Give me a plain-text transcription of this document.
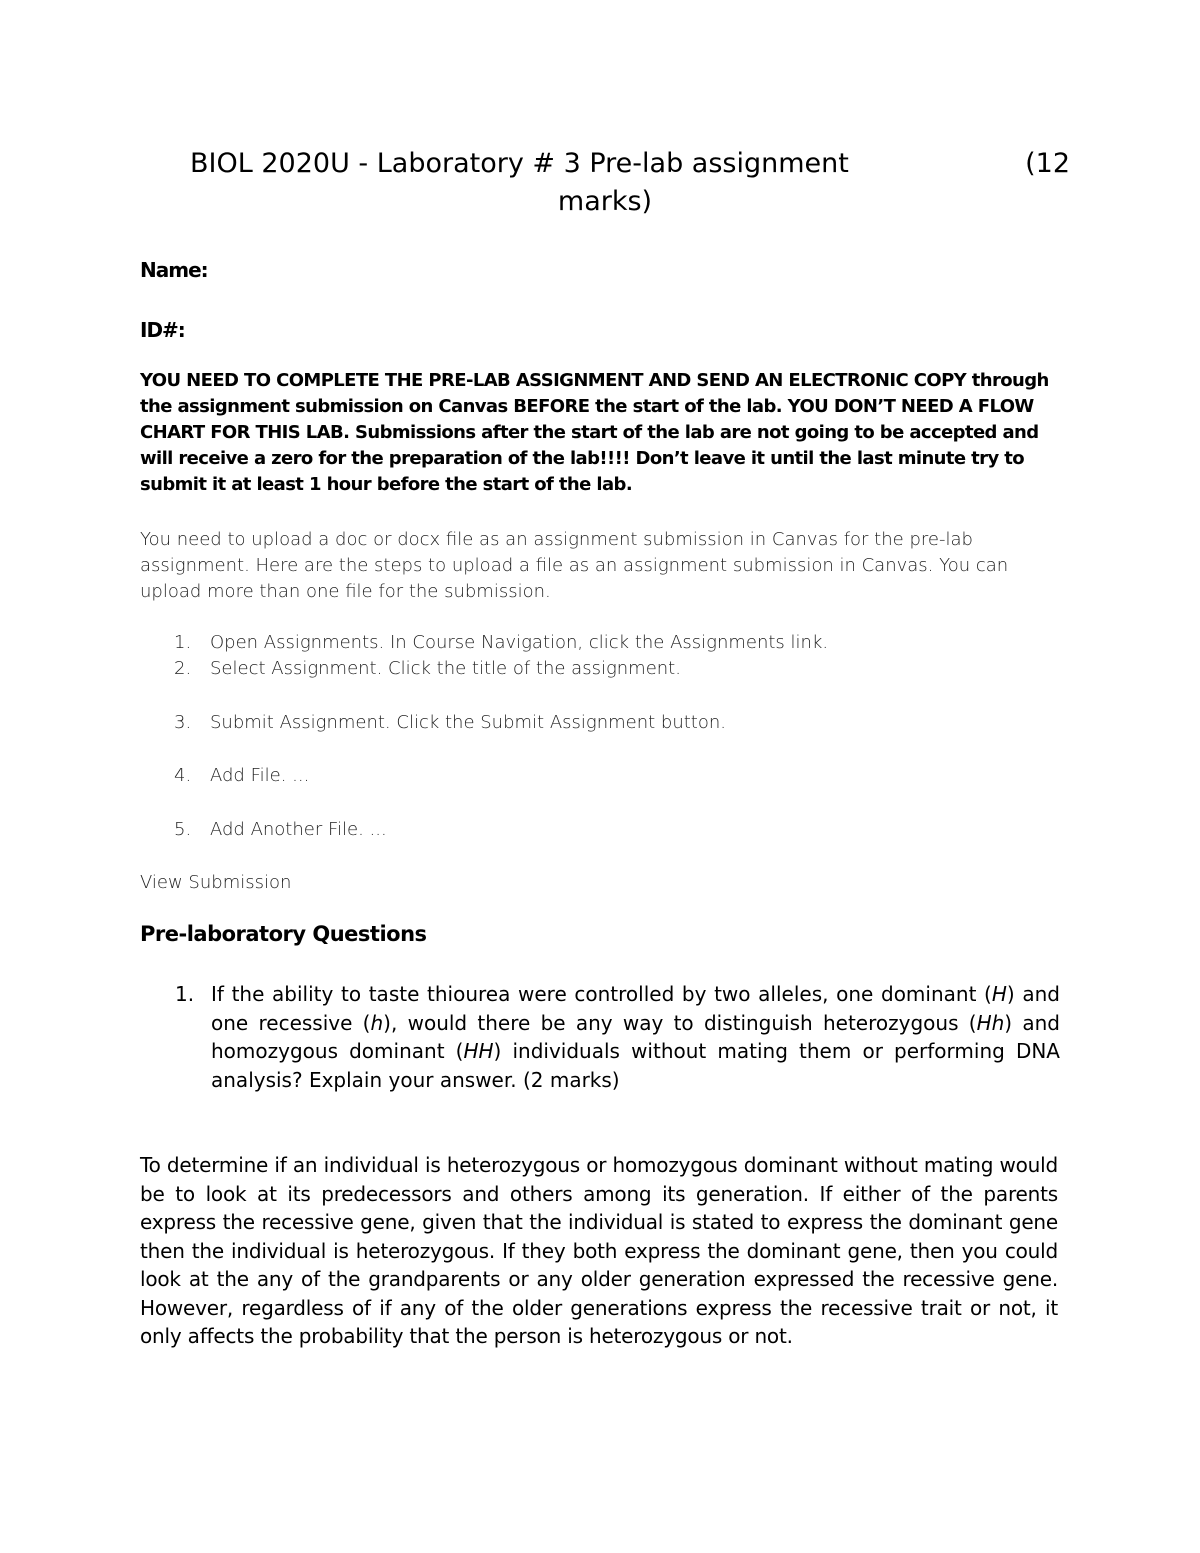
BIOL 2020U - Laboratory # 3 Pre-lab assignment	(12
marks)
Name:
ID#:
YOU NEED TO COMPLETE THE PRE-LAB ASSIGNMENT AND SEND AN ELECTRONIC COPY through the assignment submission on Canvas BEFORE the start of the lab. YOU DON’T NEED A FLOW CHART FOR THIS LAB. Submissions after the start of the lab are not going to be accepted and will receive a zero for the preparation of the lab!!!! Don’t leave it until the last minute try to submit it at least 1 hour before the start of the lab.
You need to upload a doc or docx file as an assignment submission in Canvas for the pre-lab assignment. Here are the steps to upload a file as an assignment submission in Canvas. You can upload more than one file for the submission.
1. Open Assignments. In Course Navigation, click the Assignments link.
2. Select Assignment. Click the title of the assignment.
3. Submit Assignment. Click the Submit Assignment button.
4. Add File. ...
5. Add Another File. ...
View Submission
Pre-laboratory Questions
1. If the ability to taste thiourea were controlled by two alleles, one dominant (H) and one recessive (h), would there be any way to distinguish heterozygous (Hh) and homozygous dominant (HH) individuals without mating them or performing DNA analysis? Explain your answer. (2 marks)
To determine if an individual is heterozygous or homozygous dominant without mating would be to look at its predecessors and others among its generation. If either of the parents express the recessive gene, given that the individual is stated to express the dominant gene then the individual is heterozygous. If they both express the dominant gene, then you could look at the any of the grandparents or any older generation expressed the recessive gene. However, regardless of if any of the older generations express the recessive trait or not, it only affects the probability that the person is heterozygous or not.
